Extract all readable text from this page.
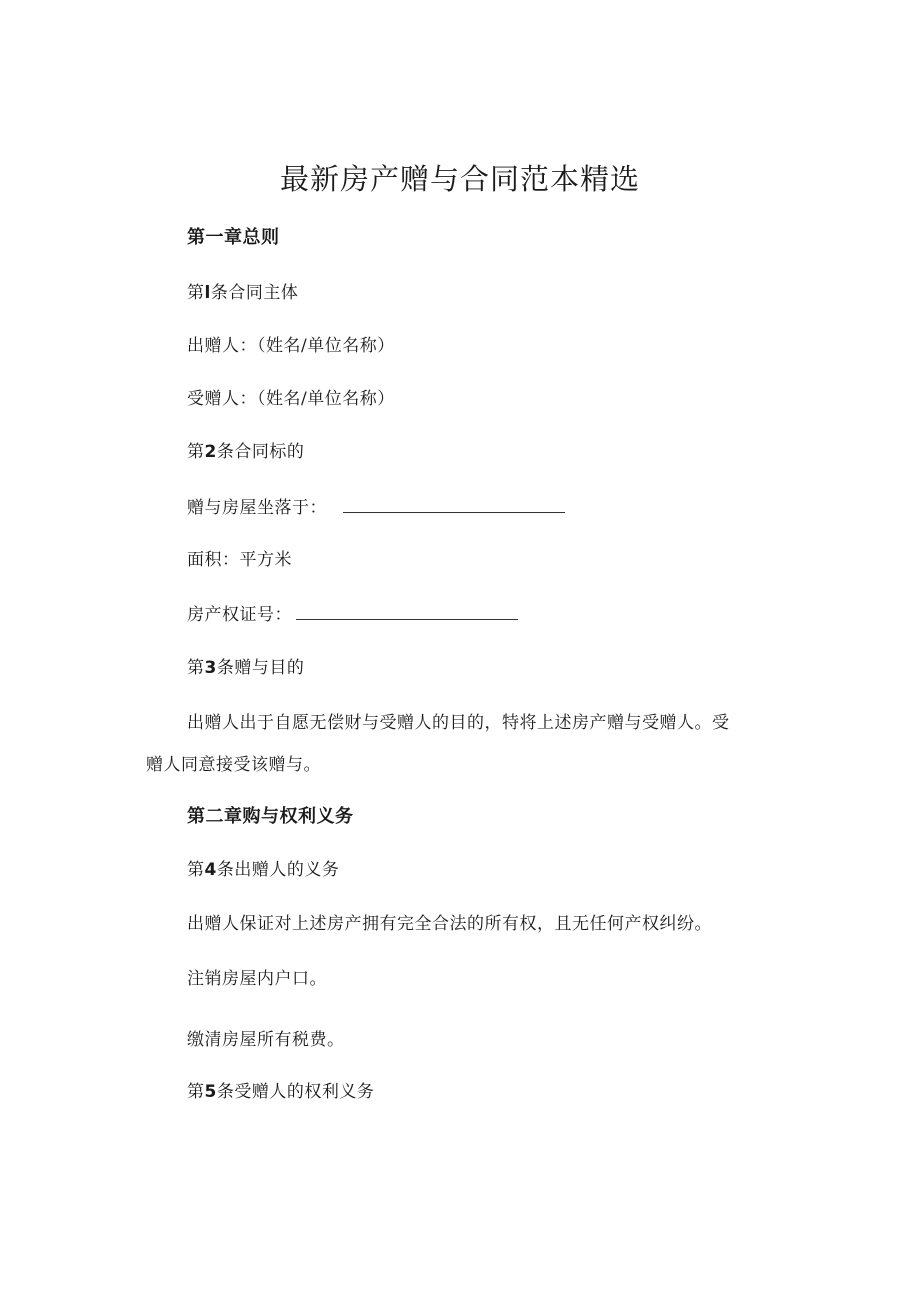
最新房产赠与合同范本精选
第一章总则
第l条合同主体
出赠人：（姓名/单位名称）
受赠人：（姓名/单位名称）
第2条合同标的
赠与房屋坐落于：
面积：平方米
房产权证号：
第3条赠与目的
出赠人出于自愿无偿财与受赠人的目的，特将上述房产赠与受赠人。受
赠人同意接受该赠与。
第二章购与权利义务
第4条出赠人的义务
出赠人保证对上述房产拥有完全合法的所有权，且无任何产权纠纷。
注销房屋内户口。
缴清房屋所有税费。
第5条受赠人的权利义务
